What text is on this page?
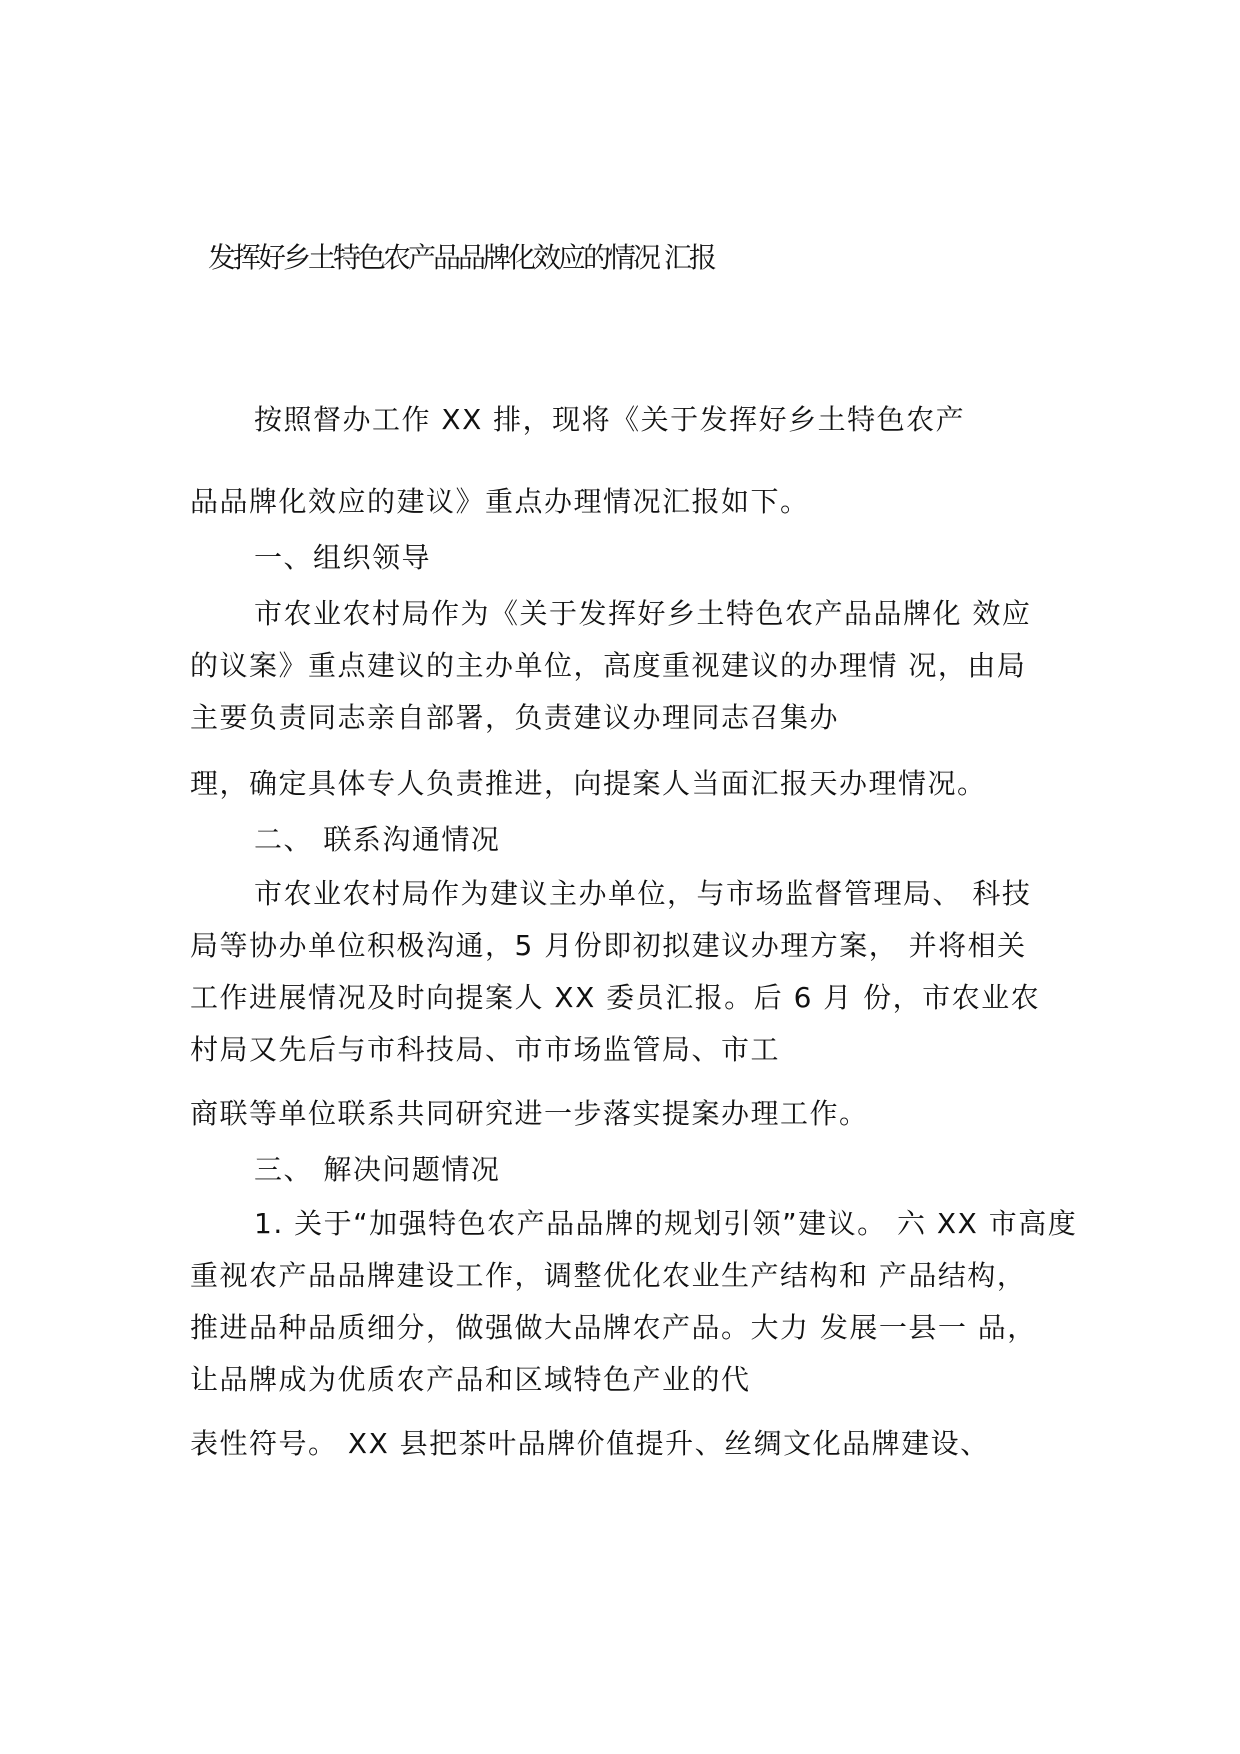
发挥好乡土特色农产品品牌化效应的情况 汇报
按照督办工作 XX 排，现将《关于发挥好乡土特色农产
品品牌化效应的建议》重点办理情况汇报如下。
一、组织领导
市农业农村局作为《关于发挥好乡土特色农产品品牌化 效应
的议案》重点建议的主办单位，高度重视建议的办理情 况，由局
主要负责同志亲自部署，负责建议办理同志召集办
理，确定具体专人负责推进，向提案人当面汇报天办理情况。
二、 联系沟通情况
市农业农村局作为建议主办单位，与市场监督管理局、 科技
局等协办单位积极沟通，5 月份即初拟建议办理方案， 并将相关
工作进展情况及时向提案人 XX 委员汇报。后 6 月 份，市农业农
村局又先后与市科技局、市市场监管局、市工
商联等单位联系共同研究进一步落实提案办理工作。
三、 解决问题情况
1. 关于“加强特色农产品品牌的规划引领”建议。 六 XX 市高度
重视农产品品牌建设工作，调整优化农业生产结构和 产品结构，
推进品种品质细分，做强做大品牌农产品。大力 发展一县一 品，
让品牌成为优质农产品和区域特色产业的代
表性符号。 XX 县把茶叶品牌价值提升、丝绸文化品牌建设、
